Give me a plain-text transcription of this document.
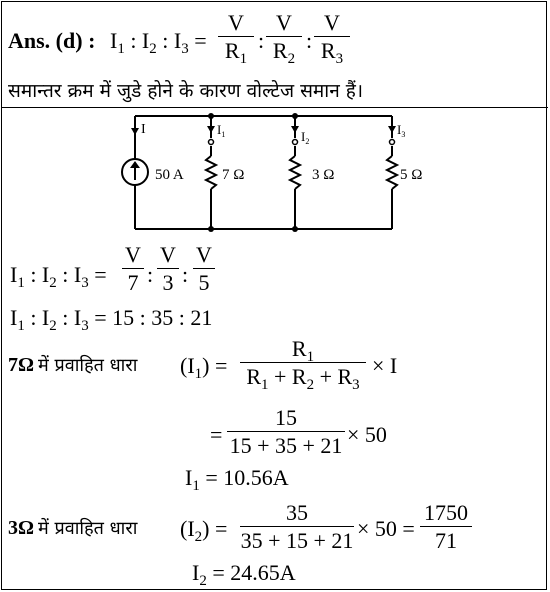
Ans. (d) : $I_1$ : $I_2$ : $I_3$ =
V
$R_1$
:
V
$R_2$
:
V
$R_3$
समान्तर क्रम में जुडे होने के कारण वोल्टेज समान हैं।
I
50 A
$I_1$
7 Ω
$I_2$
3 Ω
$I_3$
5 Ω
$I_1$ : $I_2$ : $I_3$ =
V
7 :
V
3 :
V
5
$I_1$ : $I_2$ : $I_3 = 15$ : 35 : 21
7Ω में प्रवाहित धारा $(I_1)$ =
$R_1$
$R_1 + R_2 + R_3$
× I
=
15
15 + 35 + 21 × 50
$I_1 = 10.56A$
3Ω में प्रवाहित धारा $(I_2)$ =
35
35 + 15 + 21 × 50 =
1750
71
$I_2 = 24.65A$
